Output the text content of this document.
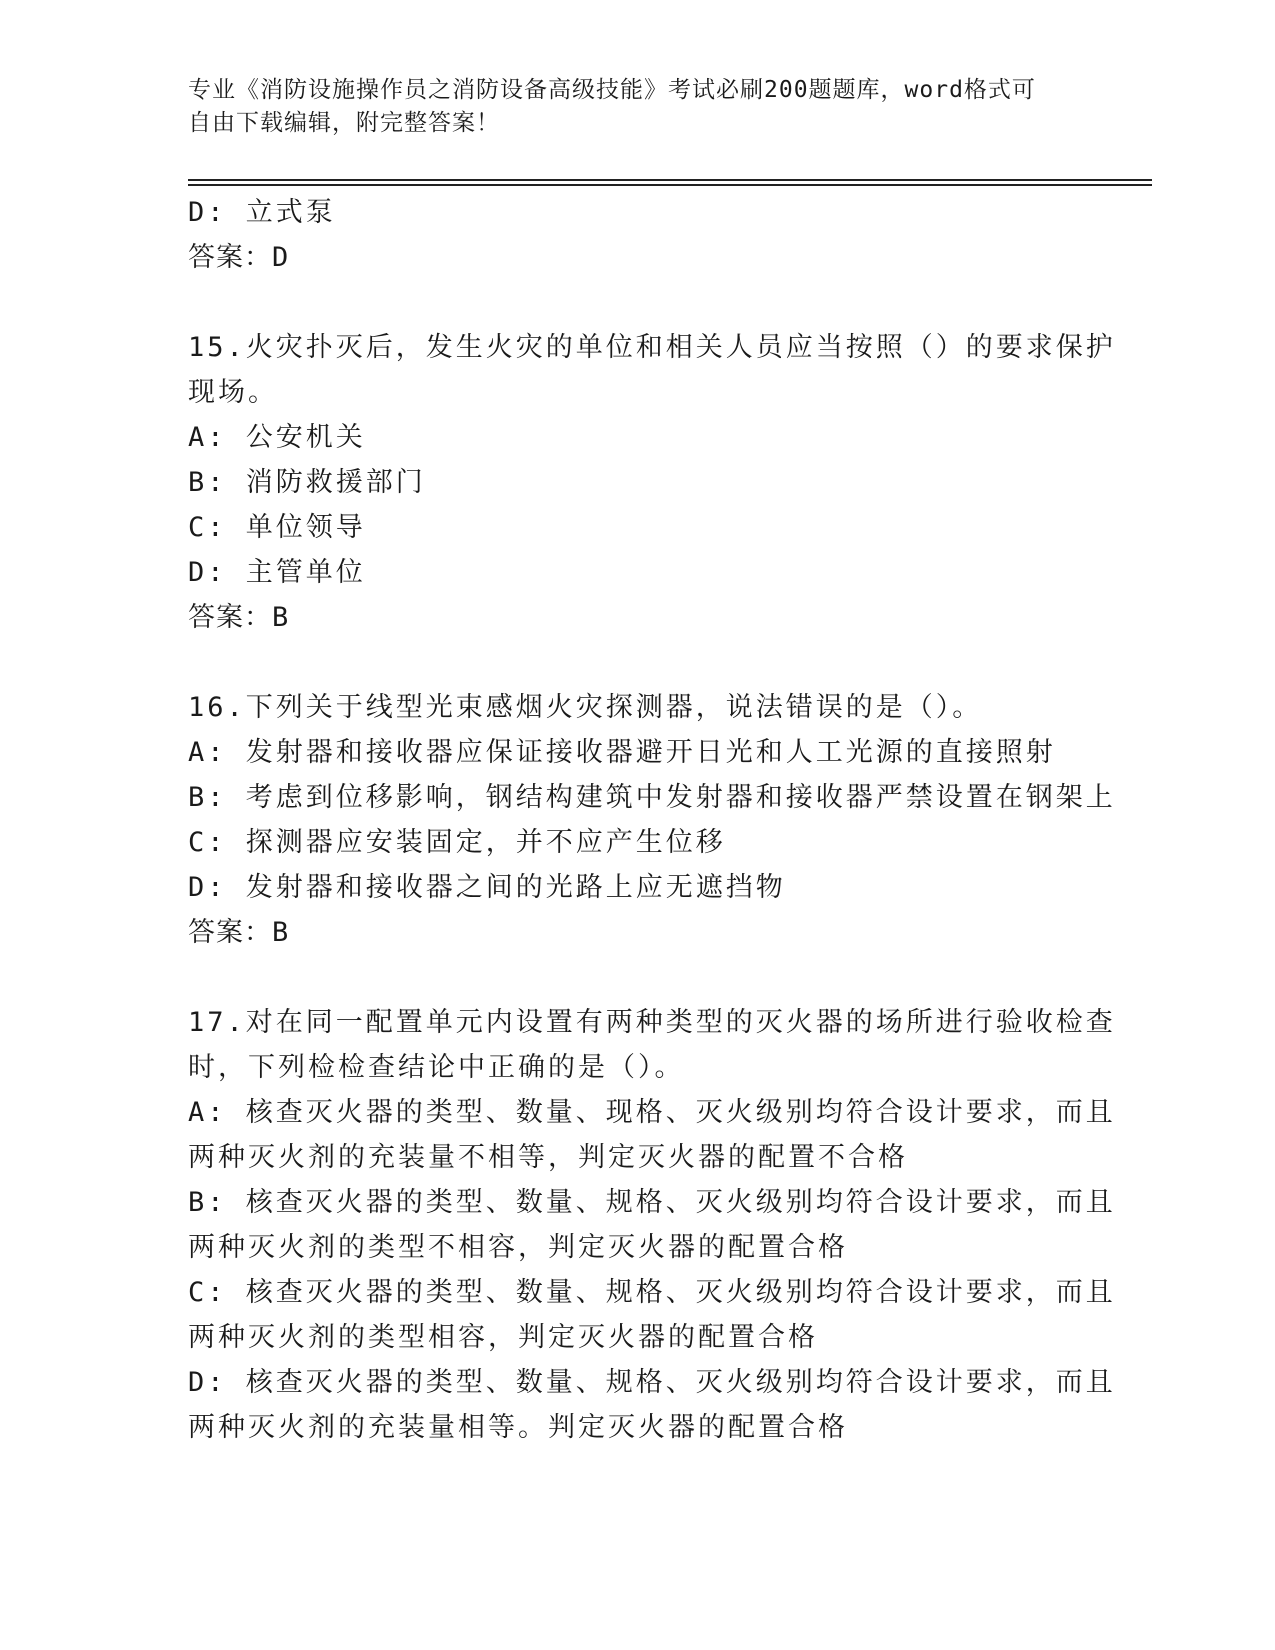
专业《消防设施操作员之消防设备高级技能》考试必刷200题题库，word格式可
自由下载编辑，附完整答案！
D: 立式泵
答案：D
15.火灾扑灭后，发生火灾的单位和相关人员应当按照（）的要求保护
现场。
A: 公安机关
B: 消防救援部门
C: 单位领导
D: 主管单位
答案：B
16.下列关于线型光束感烟火灾探测器，说法错误的是（）。
A: 发射器和接收器应保证接收器避开日光和人工光源的直接照射
B: 考虑到位移影响，钢结构建筑中发射器和接收器严禁设置在钢架上
C: 探测器应安装固定，并不应产生位移
D: 发射器和接收器之间的光路上应无遮挡物
答案：B
17.对在同一配置单元内设置有两种类型的灭火器的场所进行验收检查
时，下列检检查结论中正确的是（）。
A: 核查灭火器的类型、数量、现格、灭火级别均符合设计要求，而且
两种灭火剂的充装量不相等，判定灭火器的配置不合格
B: 核查灭火器的类型、数量、规格、灭火级别均符合设计要求，而且
两种灭火剂的类型不相容，判定灭火器的配置合格
C: 核查灭火器的类型、数量、规格、灭火级别均符合设计要求，而且
两种灭火剂的类型相容，判定灭火器的配置合格
D: 核查灭火器的类型、数量、规格、灭火级别均符合设计要求，而且
两种灭火剂的充装量相等。判定灭火器的配置合格
